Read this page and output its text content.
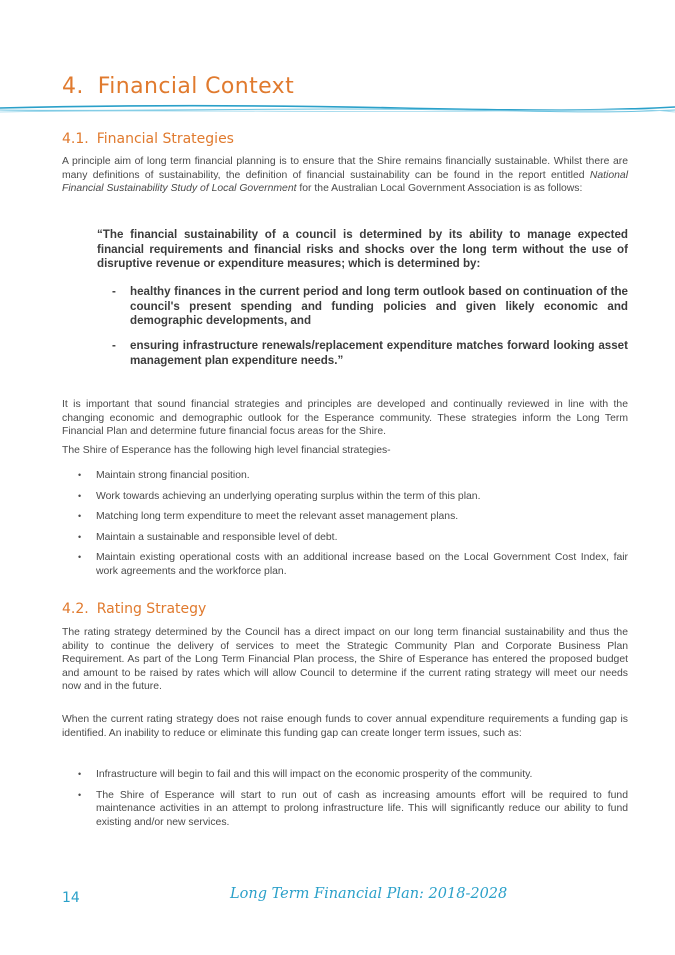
4. Financial Context
4.1. Financial Strategies

A principle aim of long term financial planning is to ensure that the Shire remains financially sustainable. Whilst there are many definitions of sustainability, the definition of financial sustainability can be found in the report entitled National Financial Sustainability Study of Local Government for the Australian Local Government Association is as follows:

“The financial sustainability of a council is determined by its ability to manage expected financial requirements and financial risks and shocks over the long term without the use of disruptive revenue or expenditure measures; which is determined by:

- healthy finances in the current period and long term outlook based on continuation of the council's present spending and funding policies and given likely economic and demographic developments, and
- ensuring infrastructure renewals/replacement expenditure matches forward looking asset management plan expenditure needs.”

It is important that sound financial strategies and principles are developed and continually reviewed in line with the changing economic and demographic outlook for the Esperance community. These strategies inform the Long Term Financial Plan and determine future financial focus areas for the Shire.

The Shire of Esperance has the following high level financial strategies-

• Maintain strong financial position.
• Work towards achieving an underlying operating surplus within the term of this plan.
• Matching long term expenditure to meet the relevant asset management plans.
• Maintain a sustainable and responsible level of debt.
• Maintain existing operational costs with an additional increase based on the Local Government Cost Index, fair work agreements and the workforce plan.
4.2. Rating Strategy

The rating strategy determined by the Council has a direct impact on our long term financial sustainability and thus the ability to continue the delivery of services to meet the Strategic Community Plan and Corporate Business Plan Requirement. As part of the Long Term Financial Plan process, the Shire of Esperance has entered the proposed budget and amount to be raised by rates which will allow Council to determine if the current rating strategy will meet our needs now and in the future.

When the current rating strategy does not raise enough funds to cover annual expenditure requirements a funding gap is identified. An inability to reduce or eliminate this funding gap can create longer term issues, such as:

• Infrastructure will begin to fail and this will impact on the economic prosperity of the community.
• The Shire of Esperance will start to run out of cash as increasing amounts effort will be required to fund maintenance activities in an attempt to prolong infrastructure life. This will significantly reduce our ability to fund existing and/or new services.
14	Long Term Financial Plan: 2018-2028
